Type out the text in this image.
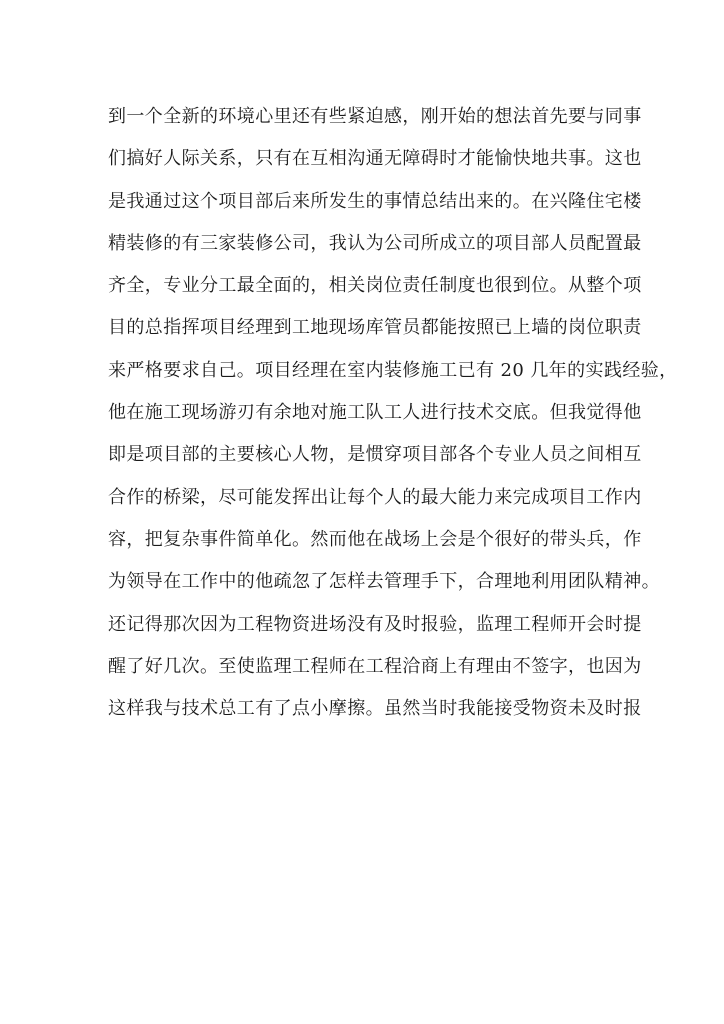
到一个全新的环境心里还有些紧迫感，刚开始的想法首先要与同事
们搞好人际关系，只有在互相沟通无障碍时才能愉快地共事。这也
是我通过这个项目部后来所发生的事情总结出来的。在兴隆住宅楼
精装修的有三家装修公司，我认为公司所成立的项目部人员配置最
齐全，专业分工最全面的，相关岗位责任制度也很到位。从整个项
目的总指挥项目经理到工地现场库管员都能按照已上墙的岗位职责
来严格要求自己。项目经理在室内装修施工已有 20 几年的实践经验，
他在施工现场游刃有余地对施工队工人进行技术交底。但我觉得他
即是项目部的主要核心人物，是惯穿项目部各个专业人员之间相互
合作的桥梁，尽可能发挥出让每个人的最大能力来完成项目工作内
容，把复杂事件简单化。然而他在战场上会是个很好的带头兵，作
为领导在工作中的他疏忽了怎样去管理手下，合理地利用团队精神。
还记得那次因为工程物资进场没有及时报验，监理工程师开会时提
醒了好几次。至使监理工程师在工程洽商上有理由不签字，也因为
这样我与技术总工有了点小摩擦。虽然当时我能接受物资未及时报
